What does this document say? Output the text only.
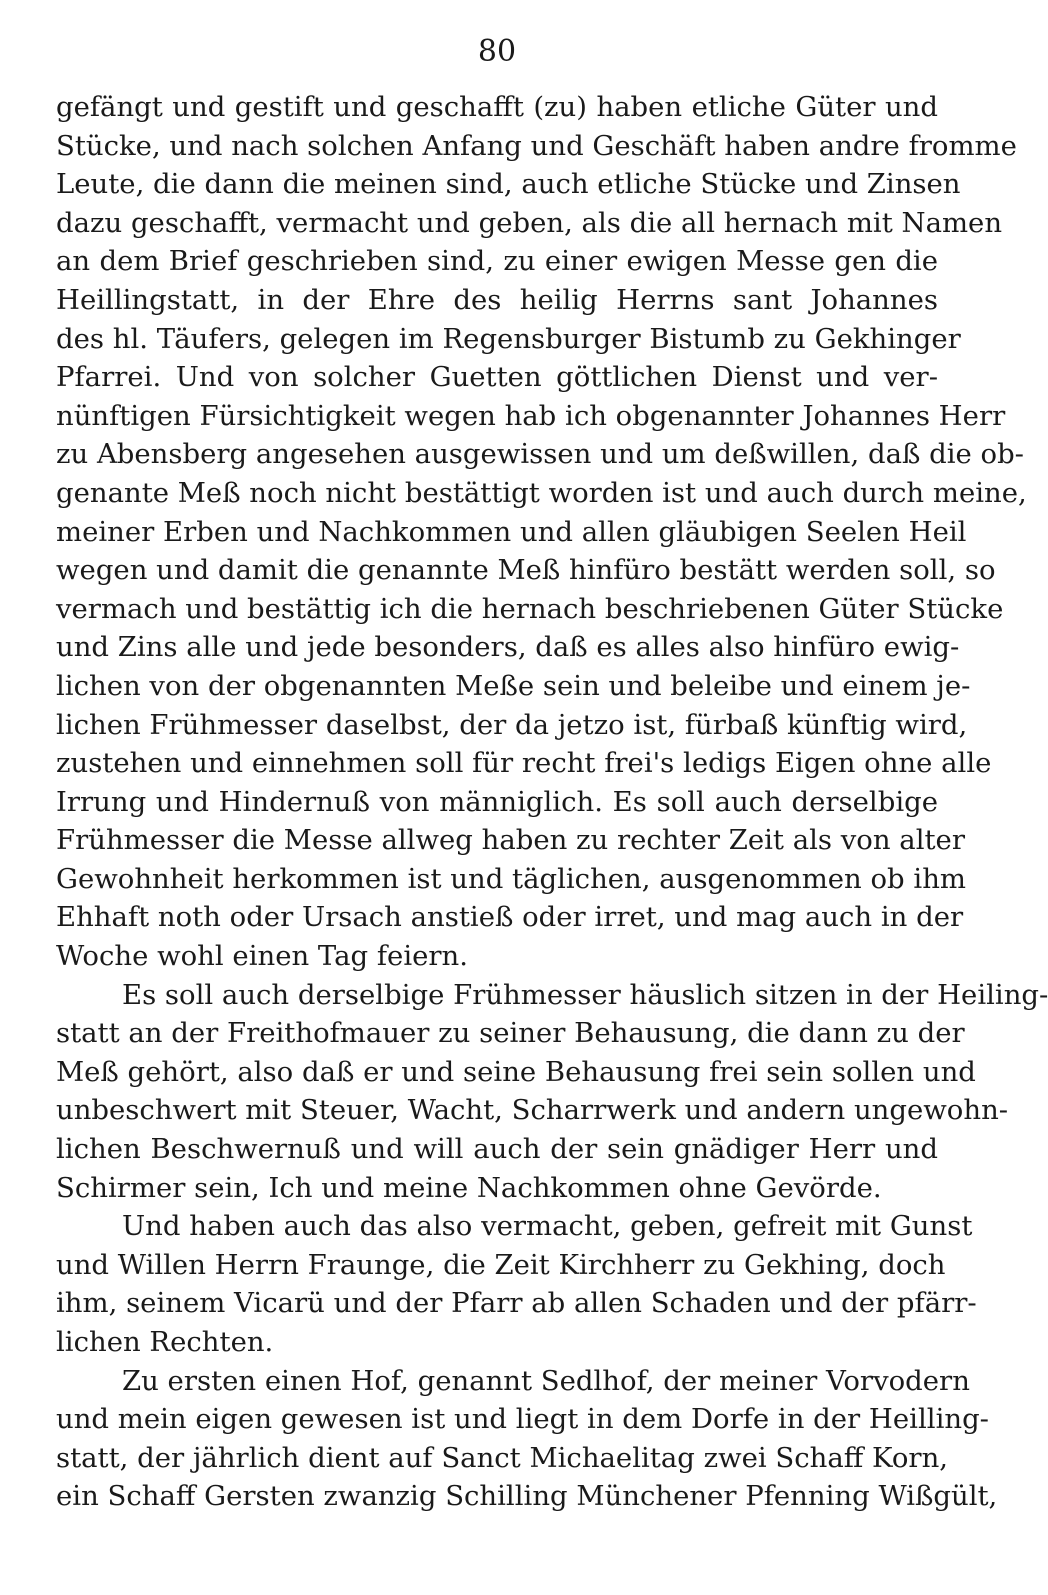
80
gefängt und gestift und geschafft (zu) haben etliche Güter und
Stücke, und nach solchen Anfang und Geschäft haben andre fromme
Leute, die dann die meinen sind, auch etliche Stücke und Zinsen
dazu geschafft, vermacht und geben, als die all hernach mit Namen
an dem Brief geschrieben sind, zu einer ewigen Messe gen die
Heillingstatt, in der Ehre des heilig Herrns sant Johannes
des hl. Täufers, gelegen im Regensburger Bistumb zu Gekhinger
Pfarrei. Und von solcher Guetten göttlichen Dienst und ver-
nünftigen Fürsichtigkeit wegen hab ich obgenannter Johannes Herr
zu Abensberg angesehen ausgewissen und um deßwillen, daß die ob-
genante Meß noch nicht bestättigt worden ist und auch durch meine,
meiner Erben und Nachkommen und allen gläubigen Seelen Heil
wegen und damit die genannte Meß hinfüro bestätt werden soll, so
vermach und bestättig ich die hernach beschriebenen Güter Stücke
und Zins alle und jede besonders, daß es alles also hinfüro ewig-
lichen von der obgenannten Meße sein und beleibe und einem je-
lichen Frühmesser daselbst, der da jetzo ist, fürbaß künftig wird,
zustehen und einnehmen soll für recht frei's ledigs Eigen ohne alle
Irrung und Hindernuß von männiglich. Es soll auch derselbige
Frühmesser die Messe allweg haben zu rechter Zeit als von alter
Gewohnheit herkommen ist und täglichen, ausgenommen ob ihm
Ehhaft noth oder Ursach anstieß oder irret, und mag auch in der
Woche wohl einen Tag feiern.
Es soll auch derselbige Frühmesser häuslich sitzen in der Heiling-
statt an der Freithofmauer zu seiner Behausung, die dann zu der
Meß gehört, also daß er und seine Behausung frei sein sollen und
unbeschwert mit Steuer, Wacht, Scharrwerk und andern ungewohn-
lichen Beschwernuß und will auch der sein gnädiger Herr und
Schirmer sein, Ich und meine Nachkommen ohne Gevörde.
Und haben auch das also vermacht, geben, gefreit mit Gunst
und Willen Herrn Fraunge, die Zeit Kirchherr zu Gekhing, doch
ihm, seinem Vicarü und der Pfarr ab allen Schaden und der pfärr-
lichen Rechten.
Zu ersten einen Hof, genannt Sedlhof, der meiner Vorvodern
und mein eigen gewesen ist und liegt in dem Dorfe in der Heilling-
statt, der jährlich dient auf Sanct Michaelitag zwei Schaff Korn,
ein Schaff Gersten zwanzig Schilling Münchener Pfenning Wißgült,
